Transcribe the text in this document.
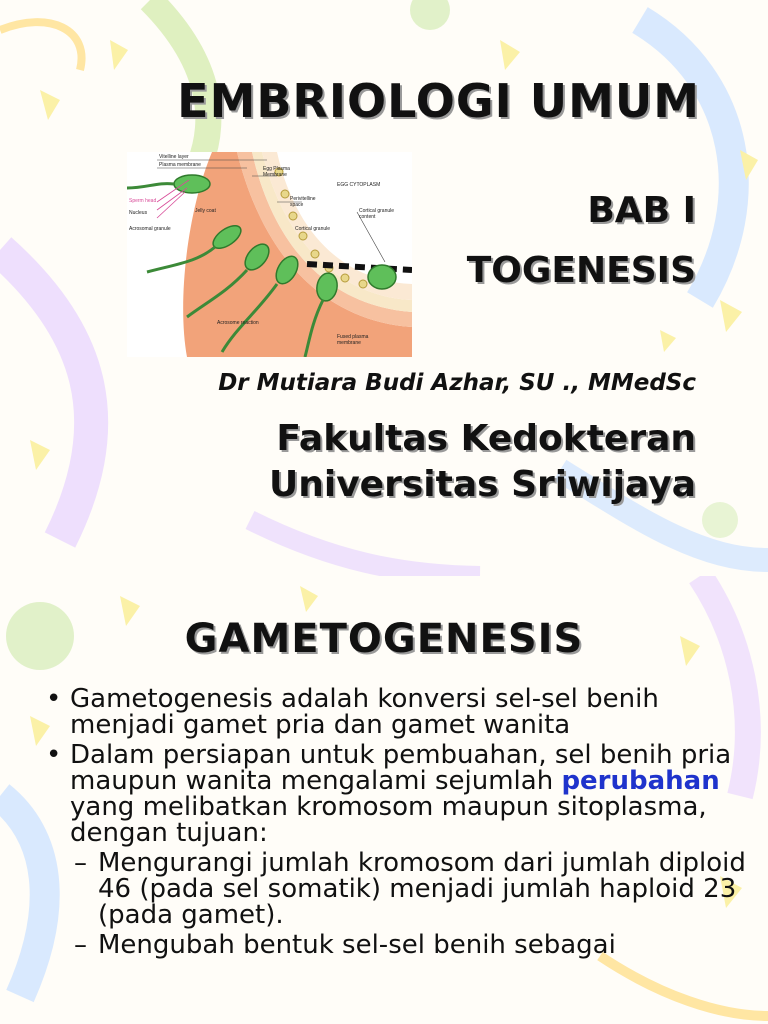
EMBRIOLOGI UMUM
Vitelline layer
Plasma membrane
Egg Plasma
Membrane
EGG CYTOPLASM
Perivitelline
space
Cortical granule
Cortical granule
content
Sperm head
Nucleus
Acrosomal granule
Jelly coat
Acrosome reaction
Fused plasma
membrane
BAB I
TOGENESIS
Dr Mutiara Budi Azhar, SU ., MMedSc
Fakultas Kedokteran
Universitas Sriwijaya
GAMETOGENESIS
• Gametogenesis adalah konversi sel-sel benih menjadi gamet pria dan gamet wanita
• Dalam persiapan untuk pembuahan, sel benih pria maupun wanita mengalami sejumlah perubahan yang melibatkan kromosom maupun sitoplasma, dengan tujuan:
– Mengurangi jumlah kromosom dari jumlah diploid 46 (pada sel somatik) menjadi jumlah haploid 23 (pada gamet).
– Mengubah bentuk sel-sel benih sebagai
